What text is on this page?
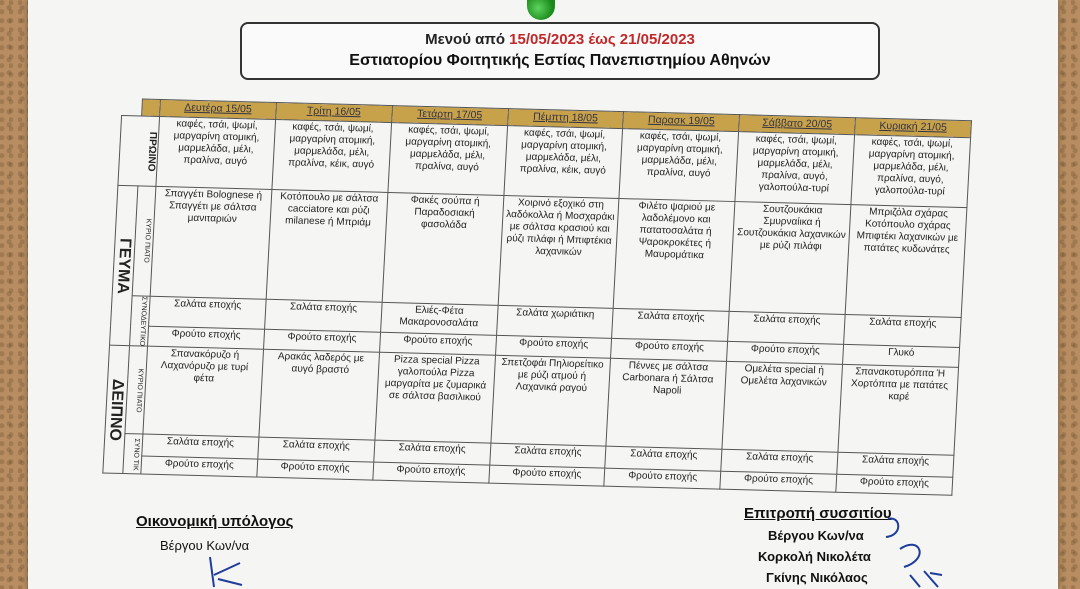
Μενού από 15/05/2023 έως 21/05/2023
Εστιατορίου Φοιτητικής Εστίας Πανεπιστημίου Αθηνών
		Δευτέρα 15/05	Τρίτη 16/05	Τετάρτη 17/05	Πέμπτη 18/05	Παρασκ 19/05	Σάββατο 20/05	Κυριακή 21/05
ΠΡΩΙΝΟ		καφές, τσάι, ψωμί, μαργαρίνη ατομική, μαρμελάδα, μέλι, πραλίνα, αυγό	καφές, τσάι, ψωμί, μαργαρίνη ατομική, μαρμελάδα, μέλι, πραλίνα, κέικ, αυγό	καφές, τσάι, ψωμί, μαργαρίνη ατομική, μαρμελάδα, μέλι, πραλίνα, αυγό	καφές, τσάι, ψωμί, μαργαρίνη ατομική, μαρμελάδα, μέλι, πραλίνα, κέικ, αυγό	καφές, τσάι, ψωμί, μαργαρίνη ατομική, μαρμελάδα, μέλι, πραλίνα, αυγό	καφές, τσάι, ψωμί, μαργαρίνη ατομική, μαρμελάδα, μέλι, πραλίνα, αυγό, γαλοπούλα-τυρί	καφές, τσάι, ψωμί, μαργαρίνη ατομική, μαρμελάδα, μέλι, πραλίνα, αυγό, γαλοπούλα-τυρί
ΓΕΥΜΑ	ΚΥΡΙΟ ΠΙΑΤΟ	Σπαγγέτι Bolognese ή Σπαγγέτι με σάλτσα μανιταριών	Κοτόπουλο με σάλτσα cacciatore και ρύζι milanese ή Μπριάμ	Φακές σούπα ή Παραδοσιακή φασολάδα	Χοιρινό εξοχικό στη λαδόκολλα ή Μοσχαράκι με σάλτσα κρασιού και ρύζι πιλάφι ή Μπιφτέκια λαχανικών	Φιλέτο ψαριού με λαδολέμονο και πατατοσαλάτα ή Ψαροκροκέτες ή Μαυρομάτικα	Σουτζουκάκια Σμυρναίικα ή Σουτζουκάκια λαχανικών με ρύζι πιλάφι	Μπριζόλα σχάρας Κοτόπουλο σχάρας Μπιφτέκι λαχανικών με πατάτες κυδωνάτες
	ΣΥΝΟΔΕΥΤΙΚΟ	Σαλάτα εποχής	Σαλάτα εποχής	Ελιές-Φέτα Μακαρονοσαλάτα	Σαλάτα χωριάτικη	Σαλάτα εποχής	Σαλάτα εποχής	Σαλάτα εποχής
		Φρούτο εποχής	Φρούτο εποχής	Φρούτο εποχής	Φρούτο εποχής	Φρούτο εποχής	Φρούτο εποχής	Γλυκό
ΔΕΙΠΝΟ	ΚΥΡΙΟ ΠΙΑΤΟ	Σπανακόρυζο ή Λαχανόρυζο με τυρί φέτα	Αρακάς λαδερός με αυγό βραστό	Pizza special Pizza γαλοπούλα Pizza μαργαρίτα με ζυμαρικά σε σάλτσα βασιλικού	Σπετζοφάι Πηλιορείτικο με ρύζι ατμού ή Λαχανικά ραγού	Πέννες με σάλτσα Carbonara ή Σάλτσα Napoli	Ομελέτα special ή Ομελέτα λαχανικών	Σπανακοτυρόπιτα Ή Χορτόπιτα με πατάτες καρέ
	ΣΥΝΟ ΤΙΚ	Σαλάτα εποχής	Σαλάτα εποχής	Σαλάτα εποχής	Σαλάτα εποχής	Σαλάτα εποχής	Σαλάτα εποχής	Σαλάτα εποχής
		Φρούτο εποχής	Φρούτο εποχής	Φρούτο εποχής	Φρούτο εποχής	Φρούτο εποχής	Φρούτο εποχής	Φρούτο εποχής
Οικονομική υπόλογος
Βέργου Κων/να
Επιτροπή συσσιτίου
Βέργου Κων/να
Κορκολή Νικολέτα
Γκίνης Νικόλαος
